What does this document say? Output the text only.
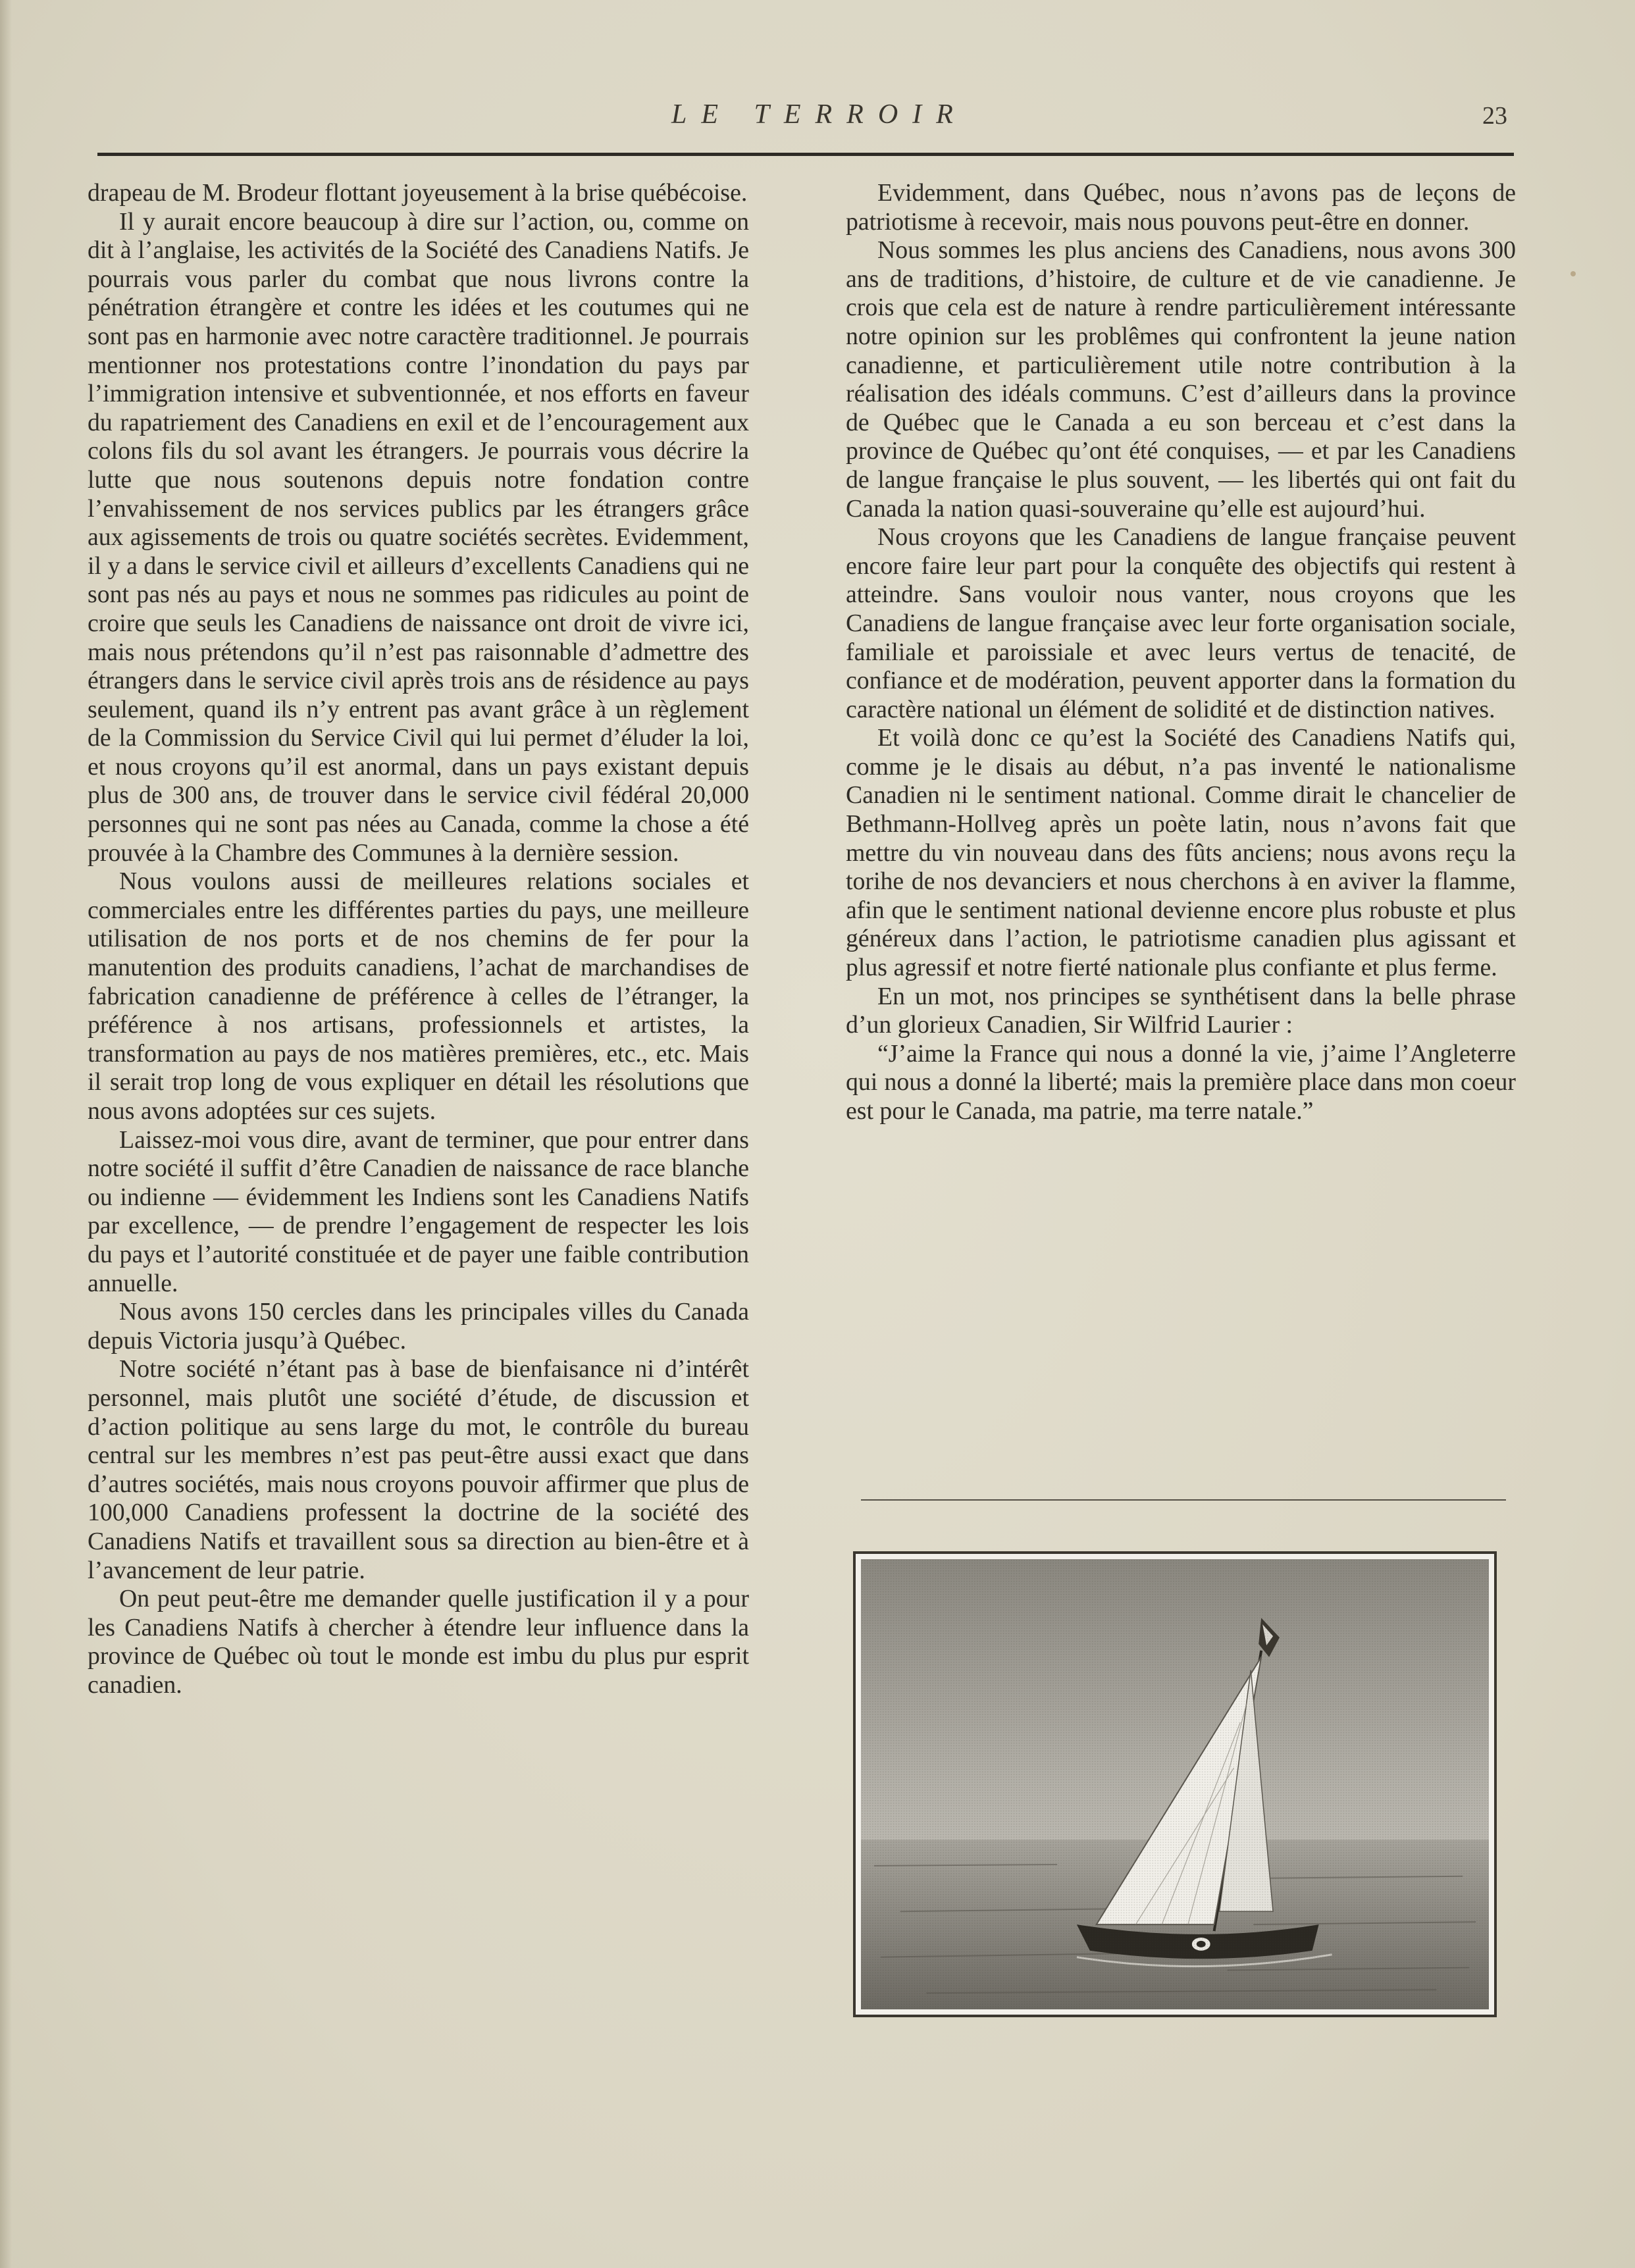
LE TERROIR	23

drapeau de M. Brodeur flottant joyeusement à la brise québécoise.

Il y aurait encore beaucoup à dire sur l’action, ou, comme on dit à l’anglaise, les activités de la Société des Canadiens Natifs. Je pourrais vous parler du combat que nous livrons contre la pénétration étrangère et contre les idées et les coutumes qui ne sont pas en harmonie avec notre caractère traditionnel. Je pourrais mentionner nos protestations contre l’inondation du pays par l’immigration intensive et subventionnée, et nos efforts en faveur du rapatriement des Canadiens en exil et de l’encouragement aux colons fils du sol avant les étrangers. Je pourrais vous décrire la lutte que nous soutenons depuis notre fondation contre l’envahissement de nos services publics par les étrangers grâce aux agissements de trois ou quatre sociétés secrètes. Evidemment, il y a dans le service civil et ailleurs d’excellents Canadiens qui ne sont pas nés au pays et nous ne sommes pas ridicules au point de croire que seuls les Canadiens de naissance ont droit de vivre ici, mais nous prétendons qu’il n’est pas raisonnable d’admettre des étrangers dans le service civil après trois ans de résidence au pays seulement, quand ils n’y entrent pas avant grâce à un règlement de la Commission du Service Civil qui lui permet d’éluder la loi, et nous croyons qu’il est anormal, dans un pays existant depuis plus de 300 ans, de trouver dans le service civil fédéral 20,000 personnes qui ne sont pas nées au Canada, comme la chose a été prouvée à la Chambre des Communes à la dernière session.

Nous voulons aussi de meilleures relations sociales et commerciales entre les différentes parties du pays, une meilleure utilisation de nos ports et de nos chemins de fer pour la manutention des produits canadiens, l’achat de marchandises de fabrication canadienne de préférence à celles de l’étranger, la préférence à nos artisans, professionnels et artistes, la transformation au pays de nos matières premières, etc., etc. Mais il serait trop long de vous expliquer en détail les résolutions que nous avons adoptées sur ces sujets.

Laissez-moi vous dire, avant de terminer, que pour entrer dans notre société il suffit d’être Canadien de naissance de race blanche ou indienne — évidemment les Indiens sont les Canadiens Natifs par excellence, — de prendre l’engagement de respecter les lois du pays et l’autorité constituée et de payer une faible contribution annuelle.

Nous avons 150 cercles dans les principales villes du Canada depuis Victoria jusqu’à Québec.

Notre société n’étant pas à base de bienfaisance ni d’intérêt personnel, mais plutôt une société d’étude, de discussion et d’action politique au sens large du mot, le contrôle du bureau central sur les membres n’est pas peut-être aussi exact que dans d’autres sociétés, mais nous croyons pouvoir affirmer que plus de 100,000 Canadiens professent la doctrine de la société des Canadiens Natifs et travaillent sous sa direction au bien-être et à l’avancement de leur patrie.

On peut peut-être me demander quelle justification il y a pour les Canadiens Natifs à chercher à étendre leur influence dans la province de Québec où tout le monde est imbu du plus pur esprit canadien.

Evidemment, dans Québec, nous n’avons pas de leçons de patriotisme à recevoir, mais nous pouvons peut-être en donner.

Nous sommes les plus anciens des Canadiens, nous avons 300 ans de traditions, d’histoire, de culture et de vie canadienne. Je crois que cela est de nature à rendre particulièrement intéressante notre opinion sur les problêmes qui confrontent la jeune nation canadienne, et particulièrement utile notre contribution à la réalisation des idéals communs. C’est d’ailleurs dans la province de Québec que le Canada a eu son berceau et c’est dans la province de Québec qu’ont été conquises, — et par les Canadiens de langue française le plus souvent, — les libertés qui ont fait du Canada la nation quasi-souveraine qu’elle est aujourd’hui.

Nous croyons que les Canadiens de langue française peuvent encore faire leur part pour la conquête des objectifs qui restent à atteindre. Sans vouloir nous vanter, nous croyons que les Canadiens de langue française avec leur forte organisation sociale, familiale et paroissiale et avec leurs vertus de tenacité, de confiance et de modération, peuvent apporter dans la formation du caractère national un élément de solidité et de distinction natives.

Et voilà donc ce qu’est la Société des Canadiens Natifs qui, comme je le disais au début, n’a pas inventé le nationalisme Canadien ni le sentiment national. Comme dirait le chancelier de Bethmann-Hollveg après un poète latin, nous n’avons fait que mettre du vin nouveau dans des fûts anciens; nous avons reçu la torihe de nos devanciers et nous cherchons à en aviver la flamme, afin que le sentiment national devienne encore plus robuste et plus généreux dans l’action, le patriotisme canadien plus agissant et plus agressif et notre fierté nationale plus confiante et plus ferme.

En un mot, nos principes se synthétisent dans la belle phrase d’un glorieux Canadien, Sir Wilfrid Laurier :

“J’aime la France qui nous a donné la vie, j’aime l’Angleterre qui nous a donné la liberté; mais la première place dans mon coeur est pour le Canada, ma patrie, ma terre natale.”
